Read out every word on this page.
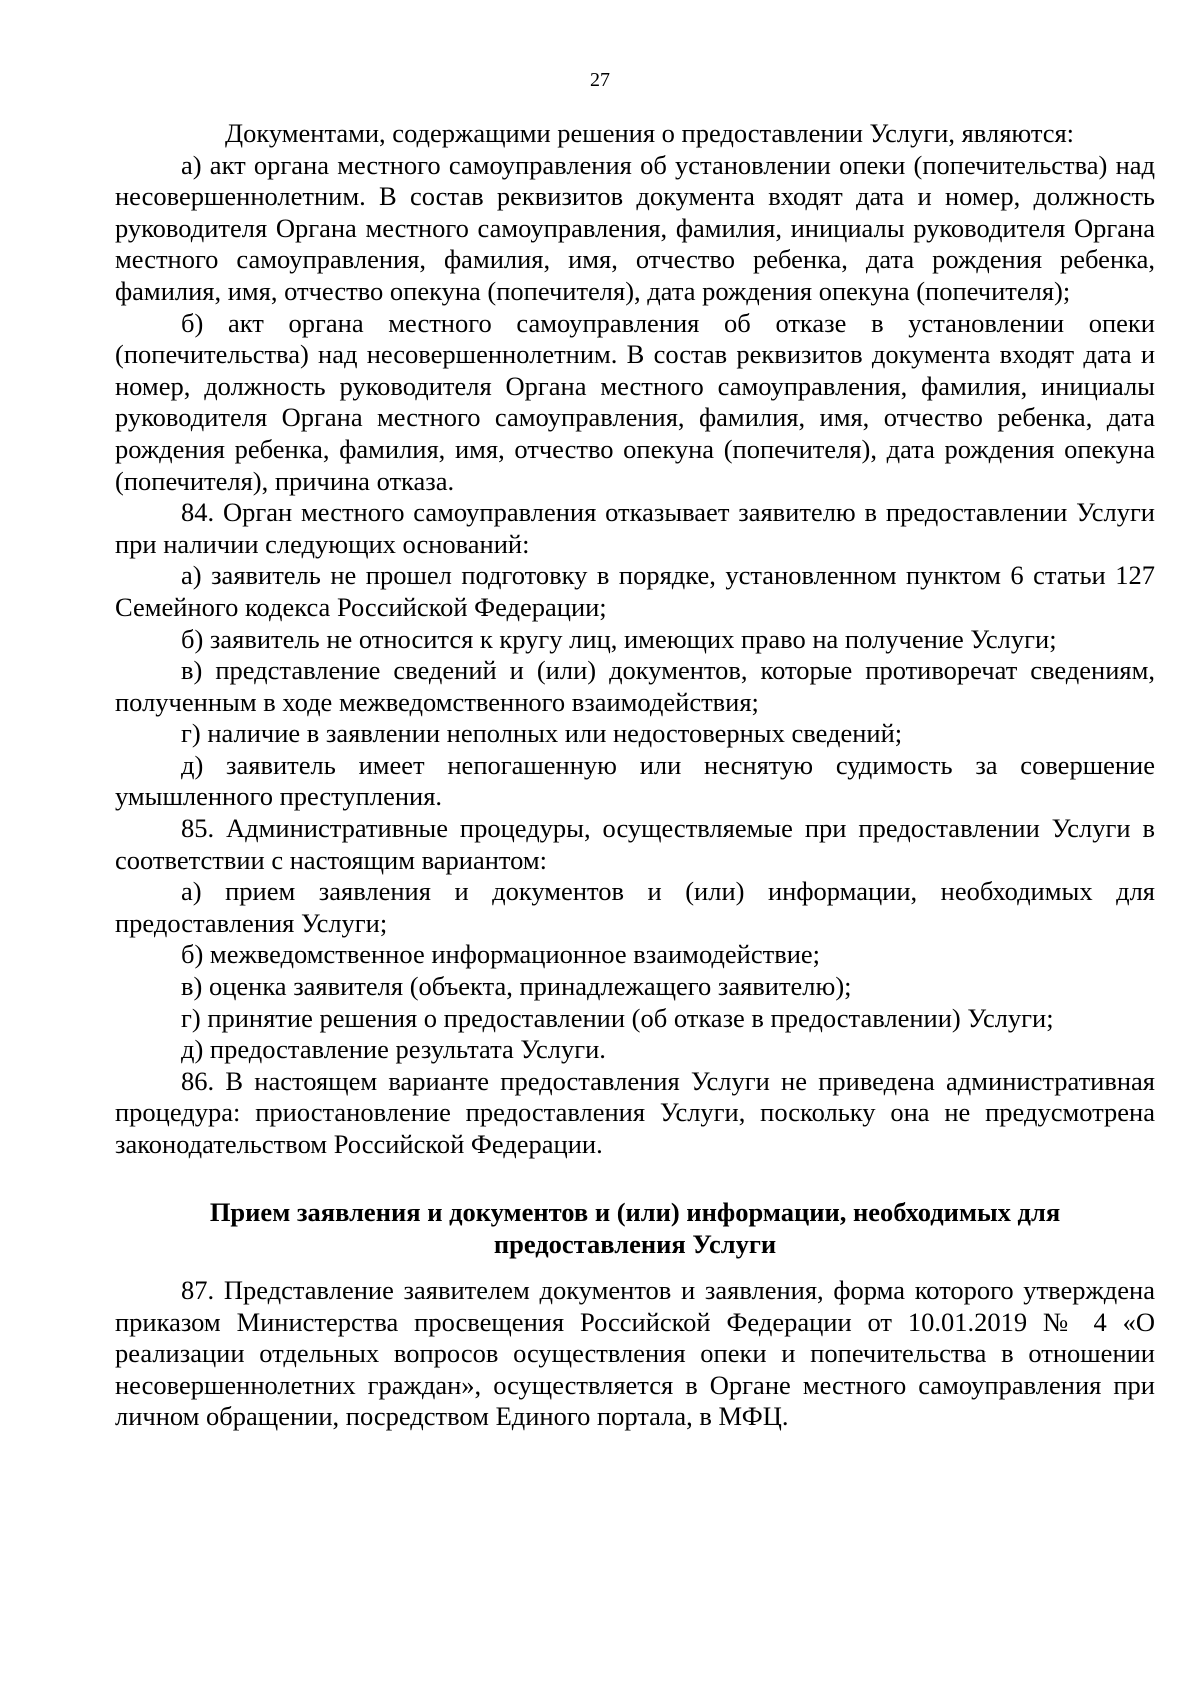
27

Документами, содержащими решения о предоставлении Услуги, являются:

а) акт органа местного самоуправления об установлении опеки (попечительства) над несовершеннолетним. В состав реквизитов документа входят дата и номер, должность руководителя Органа местного самоуправления, фамилия, инициалы руководителя Органа местного самоуправления, фамилия, имя, отчество ребенка, дата рождения ребенка, фамилия, имя, отчество опекуна (попечителя), дата рождения опекуна (попечителя);

б) акт органа местного самоуправления об отказе в установлении опеки (попечительства) над несовершеннолетним. В состав реквизитов документа входят дата и номер, должность руководителя Органа местного самоуправления, фамилия, инициалы руководителя Органа местного самоуправления, фамилия, имя, отчество ребенка, дата рождения ребенка, фамилия, имя, отчество опекуна (попечителя), дата рождения опекуна (попечителя), причина отказа.

84. Орган местного самоуправления отказывает заявителю в предоставлении Услуги при наличии следующих оснований:

а) заявитель не прошел подготовку в порядке, установленном пунктом 6 статьи 127 Семейного кодекса Российской Федерации;

б) заявитель не относится к кругу лиц, имеющих право на получение Услуги;

в) представление сведений и (или) документов, которые противоречат сведениям, полученным в ходе межведомственного взаимодействия;

г) наличие в заявлении неполных или недостоверных сведений;

д) заявитель имеет непогашенную или неснятую судимость за совершение умышленного преступления.

85. Административные процедуры, осуществляемые при предоставлении Услуги в соответствии с настоящим вариантом:

а) прием заявления и документов и (или) информации, необходимых для предоставления Услуги;

б) межведомственное информационное взаимодействие;

в) оценка заявителя (объекта, принадлежащего заявителю);

г) принятие решения о предоставлении (об отказе в предоставлении) Услуги;

д) предоставление результата Услуги.

86. В настоящем варианте предоставления Услуги не приведена административная процедура: приостановление предоставления Услуги, поскольку она не предусмотрена законодательством Российской Федерации.

Прием заявления и документов и (или) информации, необходимых для предоставления Услуги

87. Представление заявителем документов и заявления, форма которого утверждена приказом Министерства просвещения Российской Федерации от 10.01.2019 № 4 «О реализации отдельных вопросов осуществления опеки и попечительства в отношении несовершеннолетних граждан», осуществляется в Органе местного самоуправления при личном обращении, посредством Единого портала, в МФЦ.
